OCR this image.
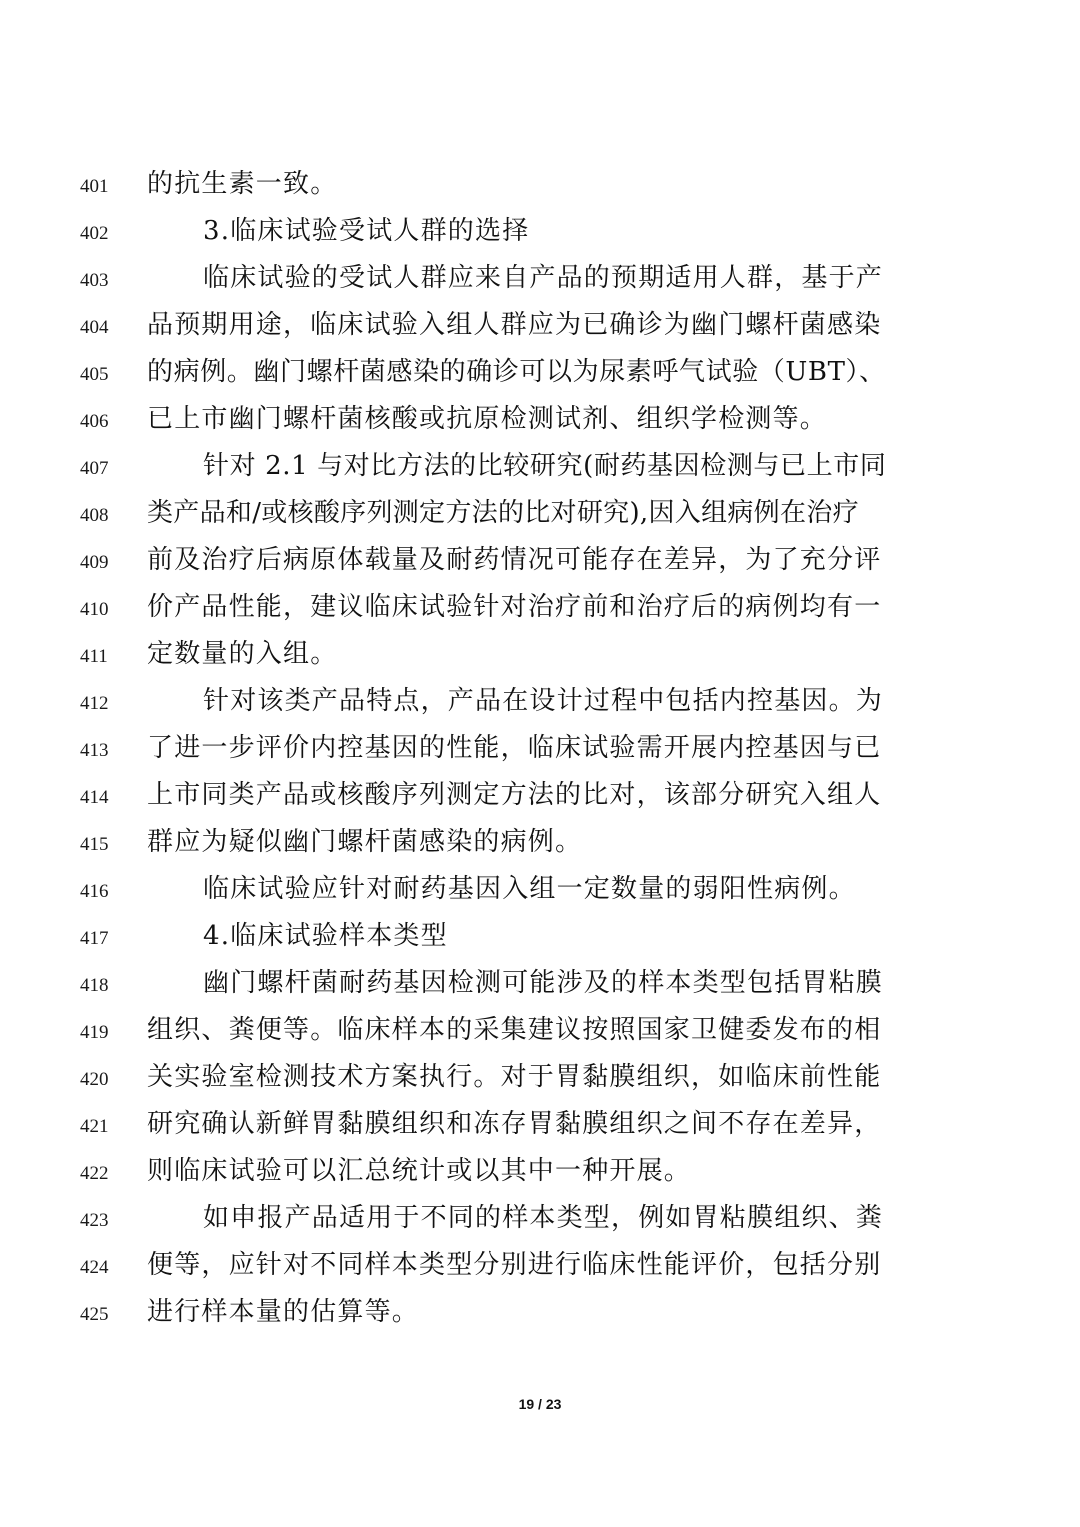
401	的抗生素一致。
402	3.临床试验受试人群的选择
403	临床试验的受试人群应来自产品的预期适用人群，基于产
404	品预期用途，临床试验入组人群应为已确诊为幽门螺杆菌感染
405	的病例。幽门螺杆菌感染的确诊可以为尿素呼气试验（UBT）、
406	已上市幽门螺杆菌核酸或抗原检测试剂、组织学检测等。
407	针对 2.1 与对比方法的比较研究(耐药基因检测与已上市同
408	类产品和/或核酸序列测定方法的比对研究),因入组病例在治疗
409	前及治疗后病原体载量及耐药情况可能存在差异，为了充分评
410	价产品性能，建议临床试验针对治疗前和治疗后的病例均有一
411	定数量的入组。
412	针对该类产品特点，产品在设计过程中包括内控基因。为
413	了进一步评价内控基因的性能，临床试验需开展内控基因与已
414	上市同类产品或核酸序列测定方法的比对，该部分研究入组人
415	群应为疑似幽门螺杆菌感染的病例。
416	临床试验应针对耐药基因入组一定数量的弱阳性病例。
417	4.临床试验样本类型
418	幽门螺杆菌耐药基因检测可能涉及的样本类型包括胃粘膜
419	组织、粪便等。临床样本的采集建议按照国家卫健委发布的相
420	关实验室检测技术方案执行。对于胃黏膜组织，如临床前性能
421	研究确认新鲜胃黏膜组织和冻存胃黏膜组织之间不存在差异，
422	则临床试验可以汇总统计或以其中一种开展。
423	如申报产品适用于不同的样本类型，例如胃粘膜组织、粪
424	便等，应针对不同样本类型分别进行临床性能评价，包括分别
425	进行样本量的估算等。
19 / 23
